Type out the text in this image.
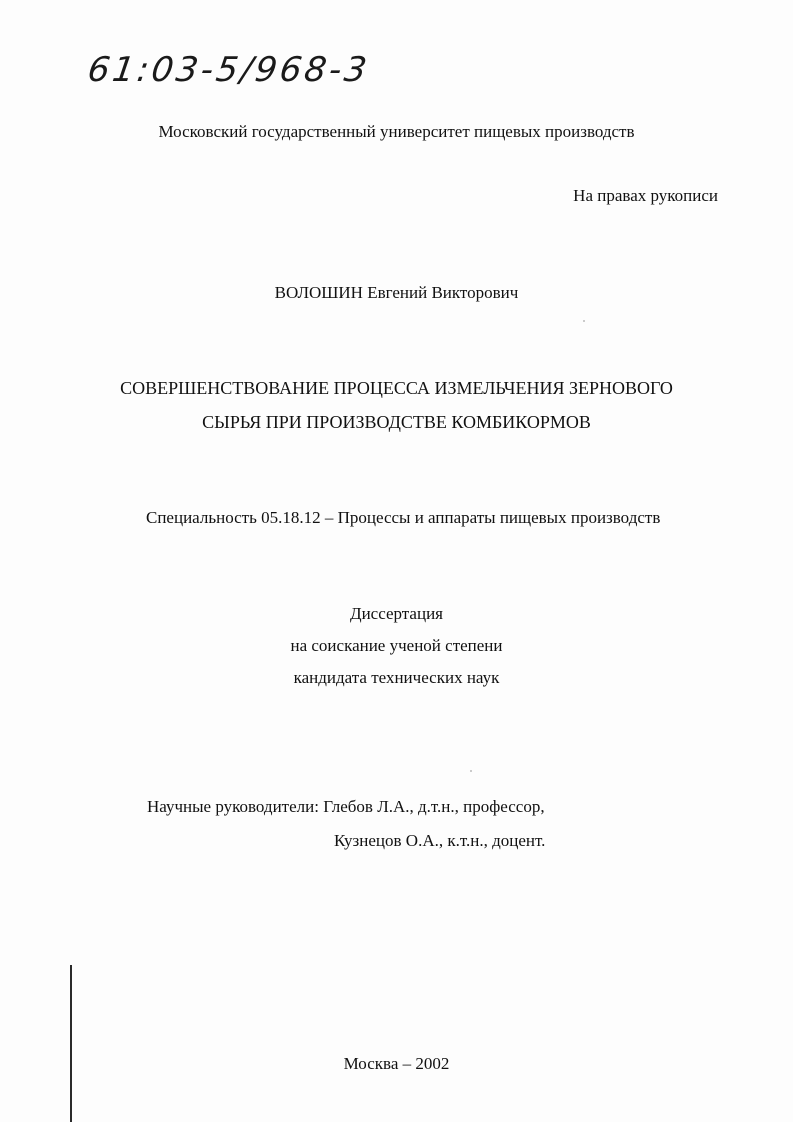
61:03-5/968-3
Московский государственный университет пищевых производств
На правах рукописи
ВОЛОШИН Евгений Викторович
СОВЕРШЕНСТВОВАНИЕ ПРОЦЕССА ИЗМЕЛЬЧЕНИЯ ЗЕРНОВОГО
СЫРЬЯ ПРИ ПРОИЗВОДСТВЕ КОМБИКОРМОВ
Специальность 05.18.12 – Процессы и аппараты пищевых производств
Диссертация
на соискание ученой степени
кандидата технических наук
Научные руководители: Глебов Л.А., д.т.н., профессор,
Кузнецов О.А., к.т.н., доцент.
Москва – 2002
